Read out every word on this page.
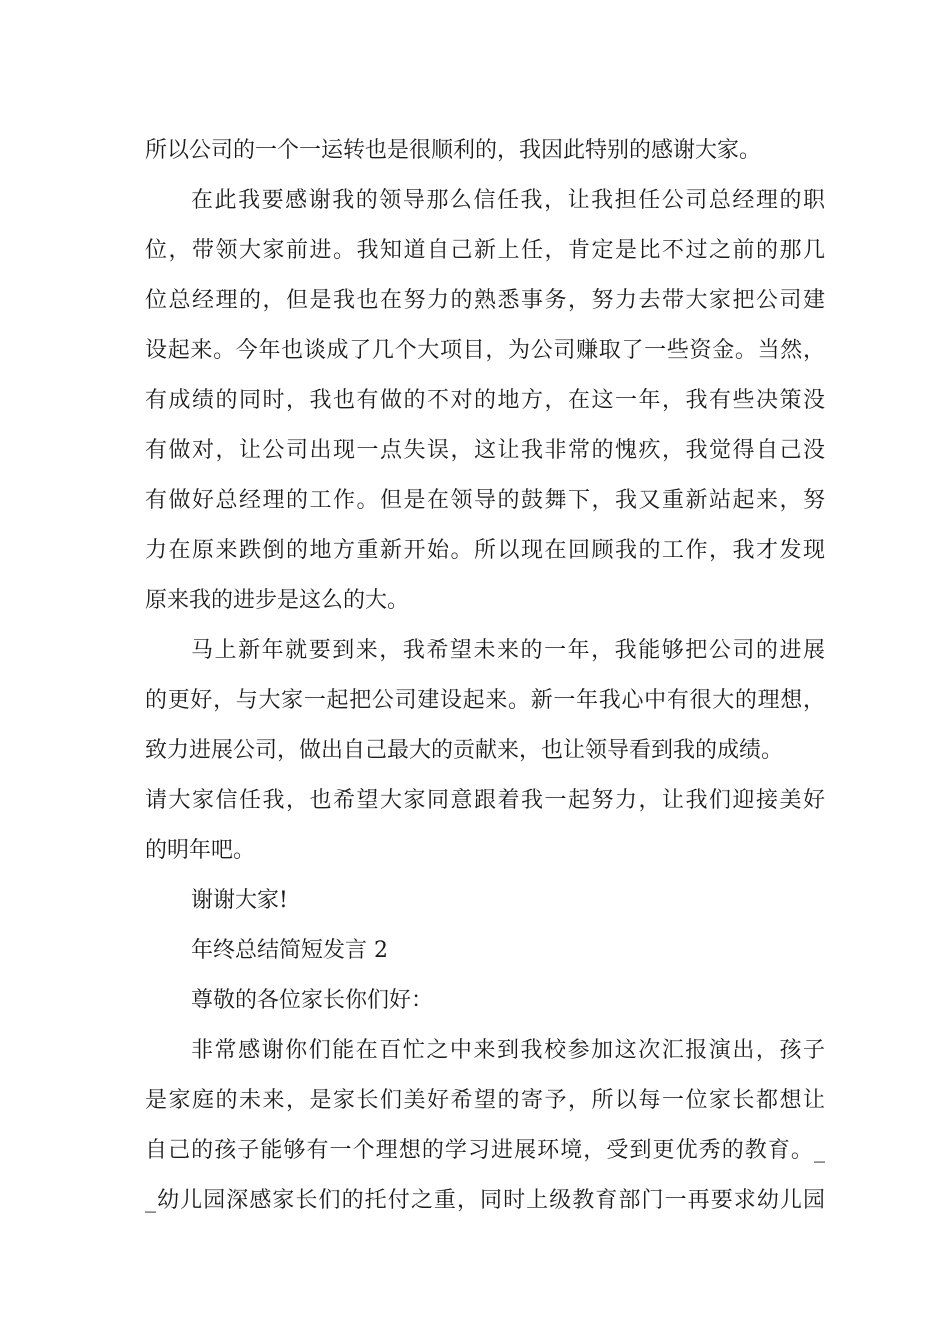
所以公司的一个一运转也是很顺利的，我因此特别的感谢大家。
在此我要感谢我的领导那么信任我，让我担任公司总经理的职
位，带领大家前进。我知道自己新上任，肯定是比不过之前的那几
位总经理的，但是我也在努力的熟悉事务，努力去带大家把公司建
设起来。今年也谈成了几个大项目，为公司赚取了一些资金。当然，
有成绩的同时，我也有做的不对的地方，在这一年，我有些决策没
有做对，让公司出现一点失误，这让我非常的愧疚，我觉得自己没
有做好总经理的工作。但是在领导的鼓舞下，我又重新站起来，努
力在原来跌倒的地方重新开始。所以现在回顾我的工作，我才发现
原来我的进步是这么的大。
马上新年就要到来，我希望未来的一年，我能够把公司的进展
的更好，与大家一起把公司建设起来。新一年我心中有很大的理想，
致力进展公司，做出自己最大的贡献来，也让领导看到我的成绩。
请大家信任我，也希望大家同意跟着我一起努力，让我们迎接美好
的明年吧。
谢谢大家!
年终总结简短发言 2
尊敬的各位家长你们好：
非常感谢你们能在百忙之中来到我校参加这次汇报演出，孩子
是家庭的未来，是家长们美好希望的寄予，所以每一位家长都想让
自己的孩子能够有一个理想的学习进展环境，受到更优秀的教育。_
_幼儿园深感家长们的托付之重，同时上级教育部门一再要求幼儿园
